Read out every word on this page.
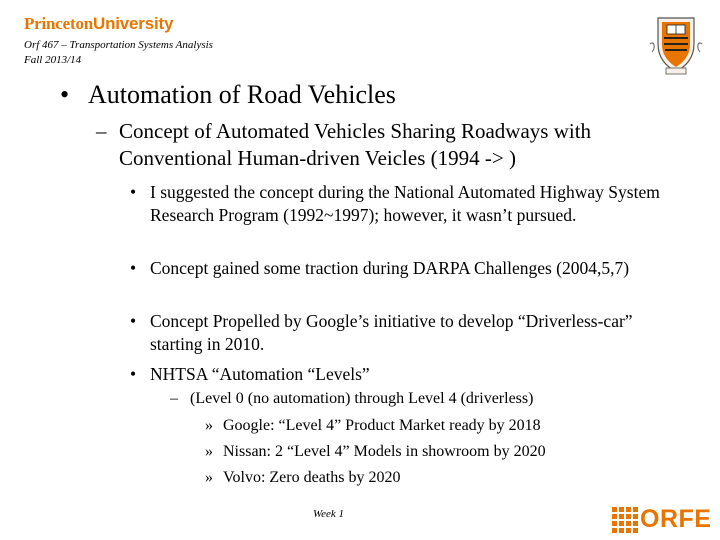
PrincetonUniversity
Orf 467 – Transportation Systems Analysis
Fall 2013/14
• Automation of Road Vehicles
– Concept of Automated Vehicles Sharing Roadways with Conventional Human-driven Veicles (1994 -> )
• I suggested the concept during the National Automated Highway System Research Program (1992~1997); however, it wasn’t pursued.
• Concept gained some traction during DARPA Challenges (2004,5,7)
• Concept Propelled by Google’s initiative to develop “Driverless-car” starting in 2010.
• NHTSA “Automation “Levels”
– (Level 0 (no automation) through Level 4 (driverless)
» Google: “Level 4” Product Market ready by 2018
» Nissan: 2 “Level 4” Models in showroom by 2020
» Volvo: Zero deaths by 2020
Week 1	ORFE
